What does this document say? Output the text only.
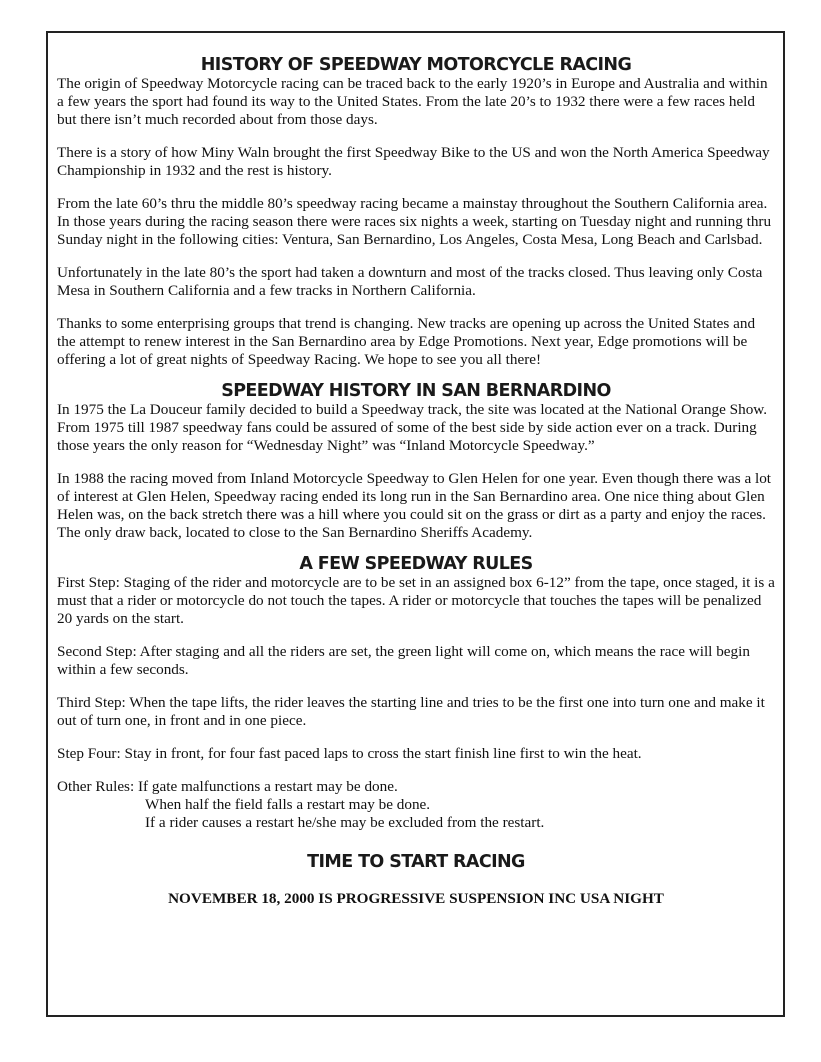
HISTORY OF SPEEDWAY MOTORCYCLE RACING

The origin of Speedway Motorcycle racing can be traced back to the early 1920’s in Europe and Australia and within a few years the sport had found its way to the United States. From the late 20’s to 1932 there were a few races held but there isn’t much recorded about from those days.

There is a story of how Miny Waln brought the first Speedway Bike to the US and won the North America Speedway Championship in 1932 and the rest is history.

From the late 60’s thru the middle 80’s speedway racing became a mainstay throughout the Southern California area. In those years during the racing season there were races six nights a week, starting on Tuesday night and running thru Sunday night in the following cities: Ventura, San Bernardino, Los Angeles, Costa Mesa, Long Beach and Carlsbad.

Unfortunately in the late 80’s the sport had taken a downturn and most of the tracks closed. Thus leaving only Costa Mesa in Southern California and a few tracks in Northern California.

Thanks to some enterprising groups that trend is changing. New tracks are opening up across the United States and the attempt to renew interest in the San Bernardino area by Edge Promotions. Next year, Edge promotions will be offering a lot of great nights of Speedway Racing. We hope to see you all there!

SPEEDWAY HISTORY IN SAN BERNARDINO

In 1975 the La Douceur family decided to build a Speedway track, the site was located at the National Orange Show. From 1975 till 1987 speedway fans could be assured of some of the best side by side action ever on a track. During those years the only reason for “Wednesday Night” was “Inland Motorcycle Speedway.”

In 1988 the racing moved from Inland Motorcycle Speedway to Glen Helen for one year. Even though there was a lot of interest at Glen Helen, Speedway racing ended its long run in the San Bernardino area. One nice thing about Glen Helen was, on the back stretch there was a hill where you could sit on the grass or dirt as a party and enjoy the races. The only draw back, located to close to the San Bernardino Sheriffs Academy.

A FEW SPEEDWAY RULES

First Step: Staging of the rider and motorcycle are to be set in an assigned box 6-12” from the tape, once staged, it is a must that a rider or motorcycle do not touch the tapes. A rider or motorcycle that touches the tapes will be penalized 20 yards on the start.

Second Step: After staging and all the riders are set, the green light will come on, which means the race will begin within a few seconds.

Third Step: When the tape lifts, the rider leaves the starting line and tries to be the first one into turn one and make it out of turn one, in front and in one piece.

Step Four: Stay in front, for four fast paced laps to cross the start finish line first to win the heat.

Other Rules: If gate malfunctions a restart may be done.
When half the field falls a restart may be done.
If a rider causes a restart he/she may be excluded from the restart.
TIME TO START RACING
NOVEMBER 18, 2000 IS PROGRESSIVE SUSPENSION INC USA NIGHT
